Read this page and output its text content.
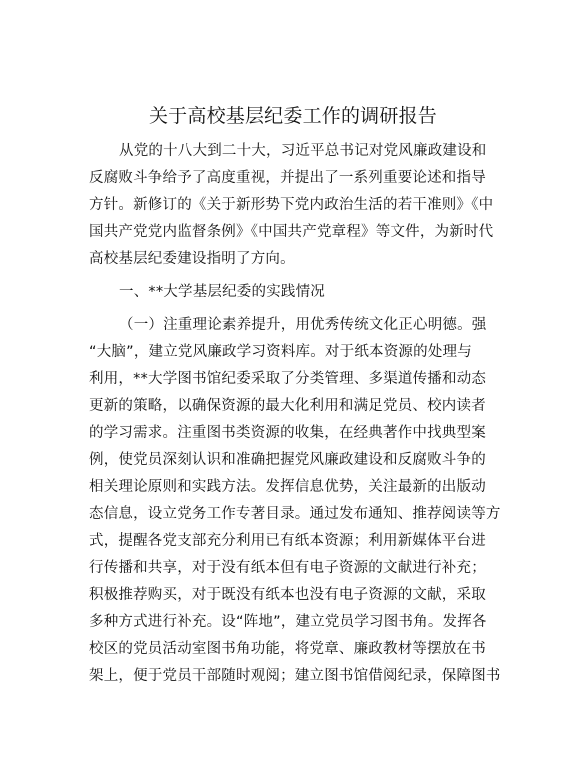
关于高校基层纪委工作的调研报告
从党的十八大到二十大，习近平总书记对党风廉政建设和
反腐败斗争给予了高度重视，并提出了一系列重要论述和指导
方针。新修订的《关于新形势下党内政治生活的若干准则》《中
国共产党党内监督条例》《中国共产党章程》等文件，为新时代
高校基层纪委建设指明了方向。
一、**大学基层纪委的实践情况
（一）注重理论素养提升，用优秀传统文化正心明德。强
“大脑”，建立党风廉政学习资料库。对于纸本资源的处理与
利用，**大学图书馆纪委采取了分类管理、多渠道传播和动态
更新的策略，以确保资源的最大化利用和满足党员、校内读者
的学习需求。注重图书类资源的收集，在经典著作中找典型案
例，使党员深刻认识和准确把握党风廉政建设和反腐败斗争的
相关理论原则和实践方法。发挥信息优势，关注最新的出版动
态信息，设立党务工作专著目录。通过发布通知、推荐阅读等方
式，提醒各党支部充分利用已有纸本资源；利用新媒体平台进
行传播和共享，对于没有纸本但有电子资源的文献进行补充；
积极推荐购买，对于既没有纸本也没有电子资源的文献，采取
多种方式进行补充。设“阵地”，建立党员学习图书角。发挥各
校区的党员活动室图书角功能，将党章、廉政教材等摆放在书
架上，便于党员干部随时观阅；建立图书馆借阅纪录，保障图书
